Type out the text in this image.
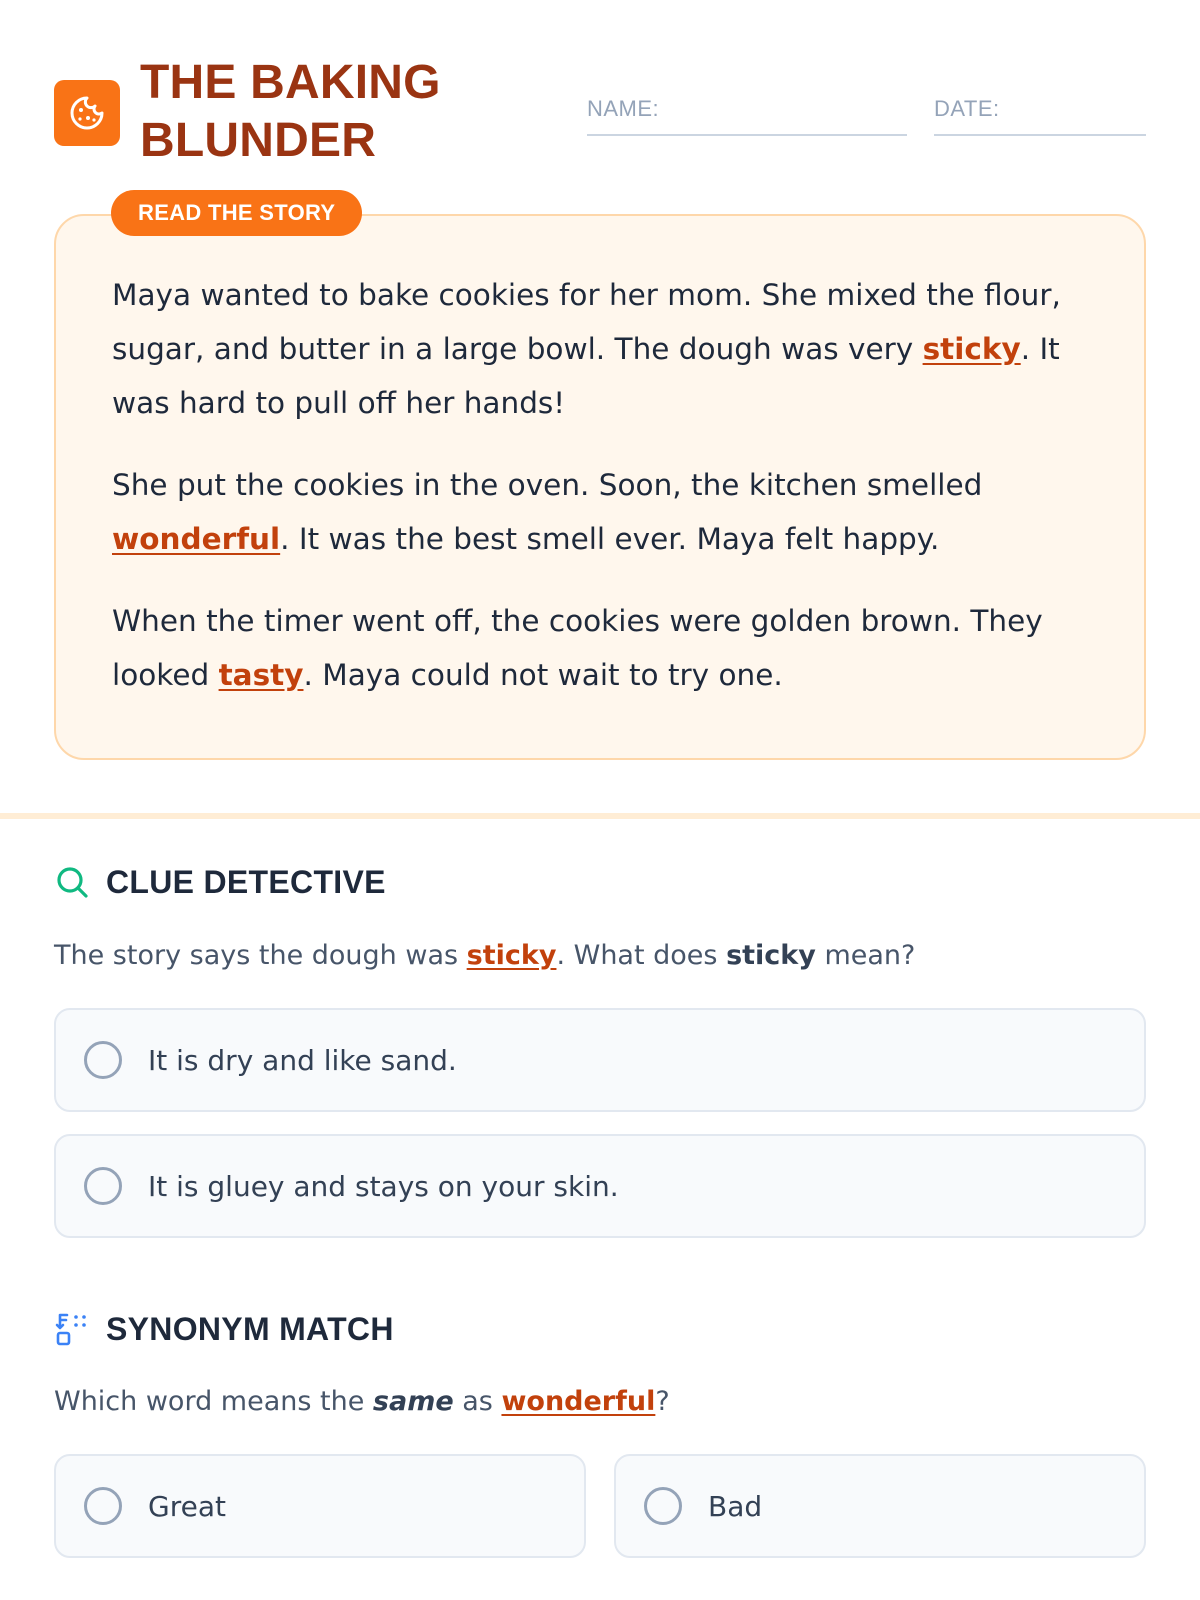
THE BAKING
BLUNDER
NAME:	DATE:
READ THE STORY

Maya wanted to bake cookies for her mom. She mixed the flour, sugar, and butter in a large bowl. The dough was very sticky. It was hard to pull off her hands!

She put the cookies in the oven. Soon, the kitchen smelled wonderful. It was the best smell ever. Maya felt happy.

When the timer went off, the cookies were golden brown. They looked tasty. Maya could not wait to try one.

CLUE DETECTIVE
The story says the dough was sticky. What does sticky mean?
It is dry and like sand.
It is gluey and stays on your skin.
SYNONYM MATCH
Which word means the same as wonderful?
Great	Bad
